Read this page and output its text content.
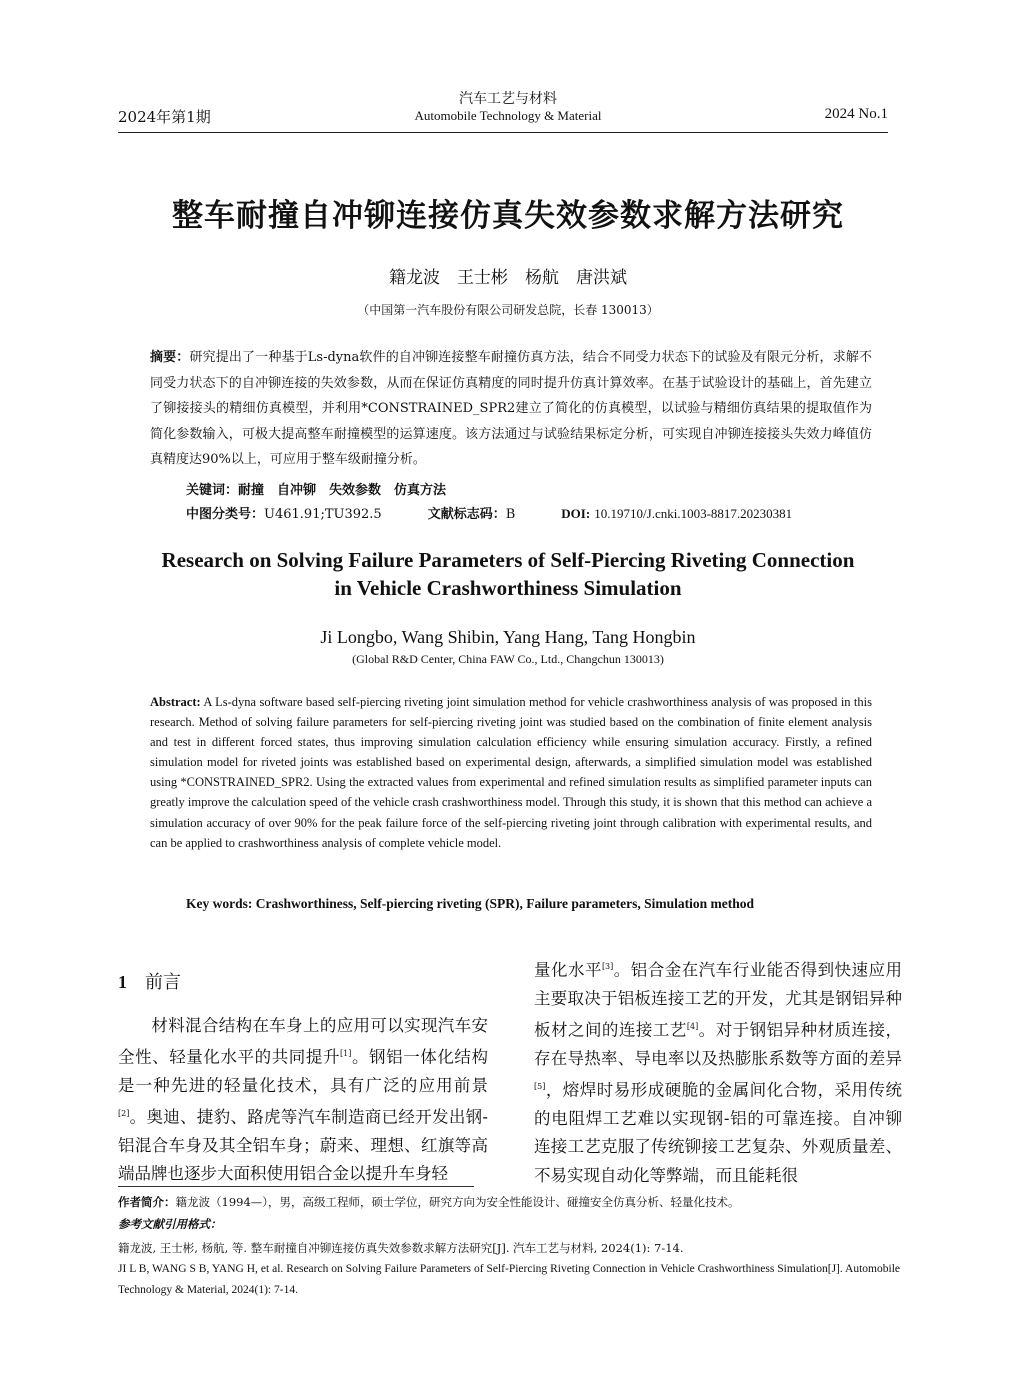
2024年第1期
汽车工艺与材料
Automobile Technology & Material	2024 No.1
整车耐撞自冲铆连接仿真失效参数求解方法研究
籍龙波　王士彬　杨航　唐洪斌
（中国第一汽车股份有限公司研发总院，长春 130013）
摘要：研究提出了一种基于Ls-dyna软件的自冲铆连接整车耐撞仿真方法，结合不同受力状态下的试验及有限元分析，求解不同受力状态下的自冲铆连接的失效参数，从而在保证仿真精度的同时提升仿真计算效率。在基于试验设计的基础上，首先建立了铆接接头的精细仿真模型，并利用*CONSTRAINED_SPR2建立了简化的仿真模型，以试验与精细仿真结果的提取值作为简化参数输入，可极大提高整车耐撞模型的运算速度。该方法通过与试验结果标定分析，可实现自冲铆连接接头失效力峰值仿真精度达90%以上，可应用于整车级耐撞分析。
关键词：耐撞　自冲铆　失效参数　仿真方法
中图分类号：U461.91;TU392.5	文献标志码：B	DOI: 10.19710/J.cnki.1003-8817.20230381
Research on Solving Failure Parameters of Self-Piercing Riveting Connection in Vehicle Crashworthiness Simulation
Ji Longbo, Wang Shibin, Yang Hang, Tang Hongbin
(Global R&D Center, China FAW Co., Ltd., Changchun 130013)
Abstract: A Ls-dyna software based self-piercing riveting joint simulation method for vehicle crashworthiness analysis of was proposed in this research. Method of solving failure parameters for self-piercing riveting joint was studied based on the combination of finite element analysis and test in different forced states, thus improving simulation calculation efficiency while ensuring simulation accuracy. Firstly, a refined simulation model for riveted joints was established based on experimental design, afterwards, a simplified simulation model was established using *CONSTRAINED_SPR2. Using the extracted values from experimental and refined simulation results as simplified parameter inputs can greatly improve the calculation speed of the vehicle crash crashworthiness model. Through this study, it is shown that this method can achieve a simulation accuracy of over 90% for the peak failure force of the self-piercing riveting joint through calibration with experimental results, and can be applied to crashworthiness analysis of complete vehicle model.
Key words: Crashworthiness, Self-piercing riveting (SPR), Failure parameters, Simulation method
1 前言
材料混合结构在车身上的应用可以实现汽车安全性、轻量化水平的共同提升[1]。钢铝一体化结构是一种先进的轻量化技术，具有广泛的应用前景[2]。奥迪、捷豹、路虎等汽车制造商已经开发出钢-铝混合车身及其全铝车身；蔚来、理想、红旗等高端品牌也逐步大面积使用铝合金以提升车身轻
量化水平[3]。铝合金在汽车行业能否得到快速应用主要取决于铝板连接工艺的开发，尤其是钢铝异种板材之间的连接工艺[4]。对于钢铝异种材质连接，存在导热率、导电率以及热膨胀系数等方面的差异[5]，熔焊时易形成硬脆的金属间化合物，采用传统的电阻焊工艺难以实现钢-铝的可靠连接。自冲铆连接工艺克服了传统铆接工艺复杂、外观质量差、不易实现自动化等弊端，而且能耗很
作者简介：籍龙波（1994—），男，高级工程师，硕士学位，研究方向为安全性能设计、碰撞安全仿真分析、轻量化技术。
参考文献引用格式：
籍龙波, 王士彬, 杨航, 等. 整车耐撞自冲铆连接仿真失效参数求解方法研究[J]. 汽车工艺与材料, 2024(1): 7-14.
JI L B, WANG S B, YANG H, et al. Research on Solving Failure Parameters of Self-Piercing Riveting Connection in Vehicle Crashworthiness Simulation[J]. Automobile Technology & Material, 2024(1): 7-14.
